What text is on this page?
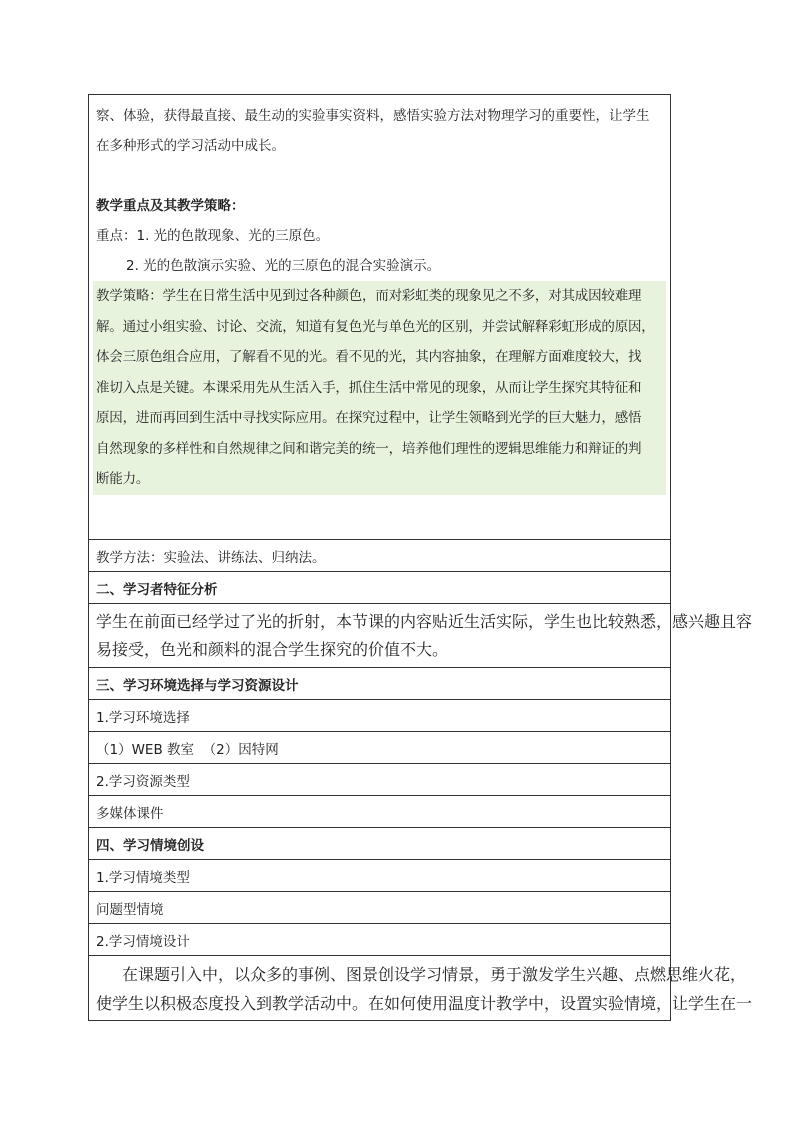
察、体验，获得最直接、最生动的实验事实资料，感悟实验方法对物理学习的重要性，让学生
在多种形式的学习活动中成长。
教学重点及其教学策略：
重点：1. 光的色散现象、光的三原色。
2. 光的色散演示实验、光的三原色的混合实验演示。
教学策略：学生在日常生活中见到过各种颜色，而对彩虹类的现象见之不多，对其成因较难理
解。通过小组实验、讨论、交流，知道有复色光与单色光的区别，并尝试解释彩虹形成的原因，
体会三原色组合应用，了解看不见的光。看不见的光，其内容抽象，在理解方面难度较大，找
准切入点是关键。本课采用先从生活入手，抓住生活中常见的现象，从而让学生探究其特征和
原因，进而再回到生活中寻找实际应用。在探究过程中，让学生领略到光学的巨大魅力，感悟
自然现象的多样性和自然规律之间和谐完美的统一，培养他们理性的逻辑思维能力和辩证的判
断能力。
教学方法：实验法、讲练法、归纳法。
二、学习者特征分析
学生在前面已经学过了光的折射，本节课的内容贴近生活实际，学生也比较熟悉，感兴趣且容
易接受，色光和颜料的混合学生探究的价值不大。
三、学习环境选择与学习资源设计
1.学习环境选择
（1）WEB 教室  （2）因特网
2.学习资源类型
多媒体课件
四、学习情境创设
1.学习情境类型
问题型情境
2.学习情境设计
在课题引入中，以众多的事例、图景创设学习情景，勇于激发学生兴趣、点燃思维火花，
使学生以积极态度投入到教学活动中。在如何使用温度计教学中，设置实验情境，让学生在一
